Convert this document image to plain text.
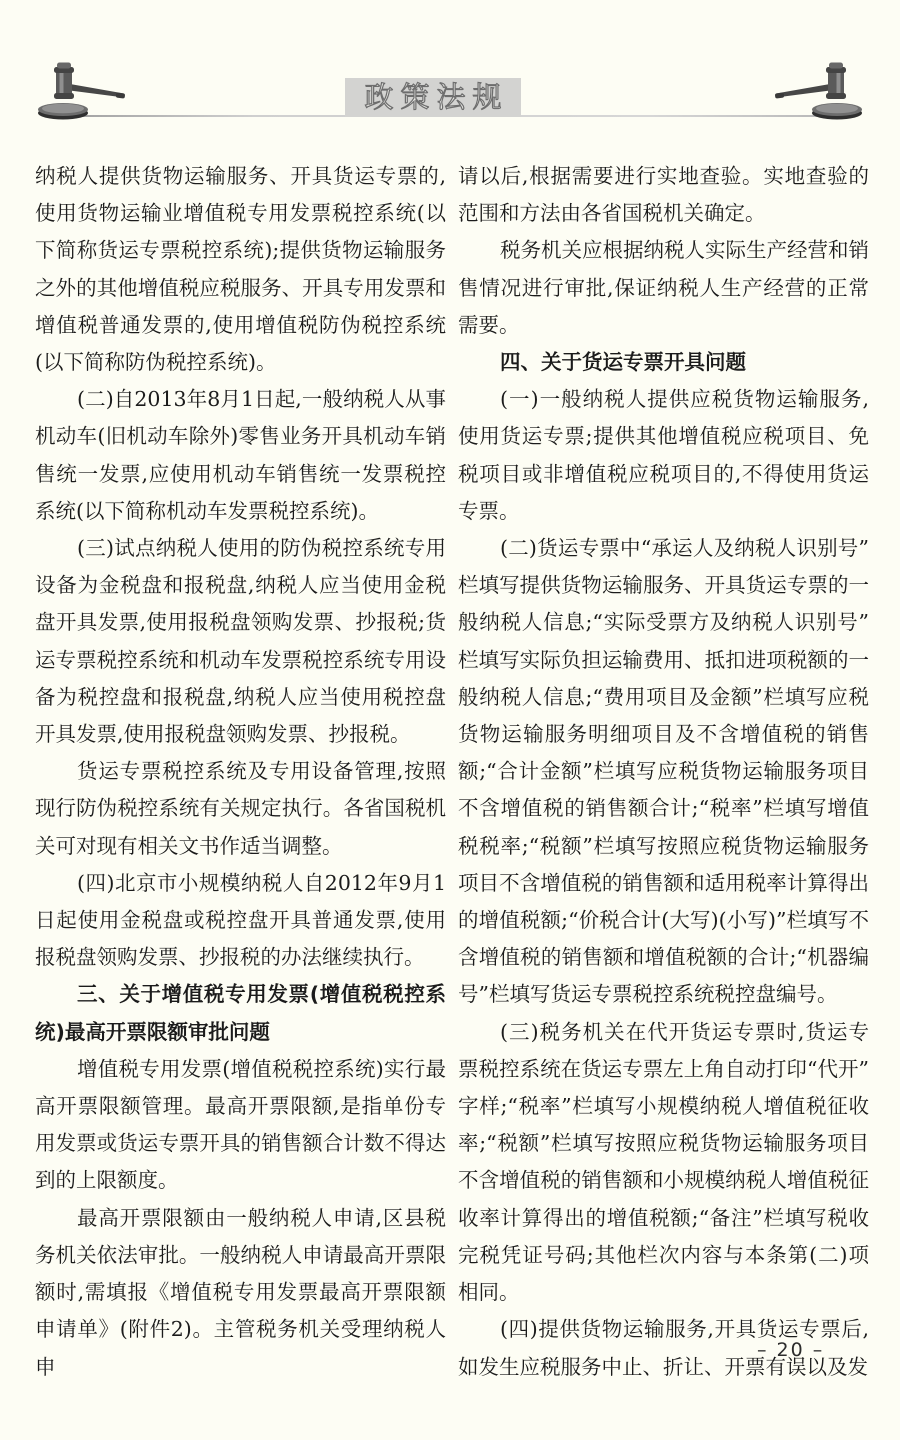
政策法规

纳税人提供货物运输服务、开具货运专票的,使用货物运输业增值税专用发票税控系统(以下简称货运专票税控系统);提供货物运输服务之外的其他增值税应税服务、开具专用发票和增值税普通发票的,使用增值税防伪税控系统(以下简称防伪税控系统)。

(二)自2013年8月1日起,一般纳税人从事机动车(旧机动车除外)零售业务开具机动车销售统一发票,应使用机动车销售统一发票税控系统(以下简称机动车发票税控系统)。

(三)试点纳税人使用的防伪税控系统专用设备为金税盘和报税盘,纳税人应当使用金税盘开具发票,使用报税盘领购发票、抄报税;货运专票税控系统和机动车发票税控系统专用设备为税控盘和报税盘,纳税人应当使用税控盘开具发票,使用报税盘领购发票、抄报税。

货运专票税控系统及专用设备管理,按照现行防伪税控系统有关规定执行。各省国税机关可对现有相关文书作适当调整。

(四)北京市小规模纳税人自2012年9月1日起使用金税盘或税控盘开具普通发票,使用报税盘领购发票、抄报税的办法继续执行。

三、关于增值税专用发票(增值税税控系统)最高开票限额审批问题

增值税专用发票(增值税税控系统)实行最高开票限额管理。最高开票限额,是指单份专用发票或货运专票开具的销售额合计数不得达到的上限额度。

最高开票限额由一般纳税人申请,区县税务机关依法审批。一般纳税人申请最高开票限额时,需填报《增值税专用发票最高开票限额申请单》(附件2)。主管税务机关受理纳税人申

请以后,根据需要进行实地查验。实地查验的范围和方法由各省国税机关确定。

税务机关应根据纳税人实际生产经营和销售情况进行审批,保证纳税人生产经营的正常需要。

四、关于货运专票开具问题

(一)一般纳税人提供应税货物运输服务,使用货运专票;提供其他增值税应税项目、免税项目或非增值税应税项目的,不得使用货运专票。

(二)货运专票中“承运人及纳税人识别号”栏填写提供货物运输服务、开具货运专票的一般纳税人信息;“实际受票方及纳税人识别号”栏填写实际负担运输费用、抵扣进项税额的一般纳税人信息;“费用项目及金额”栏填写应税货物运输服务明细项目及不含增值税的销售额;“合计金额”栏填写应税货物运输服务项目不含增值税的销售额合计;“税率”栏填写增值税税率;“税额”栏填写按照应税货物运输服务项目不含增值税的销售额和适用税率计算得出的增值税额;“价税合计(大写)(小写)”栏填写不含增值税的销售额和增值税额的合计;“机器编号”栏填写货运专票税控系统税控盘编号。

(三)税务机关在代开货运专票时,货运专票税控系统在货运专票左上角自动打印“代开”字样;“税率”栏填写小规模纳税人增值税征收率;“税额”栏填写按照应税货物运输服务项目不含增值税的销售额和小规模纳税人增值税征收率计算得出的增值税额;“备注”栏填写税收完税凭证号码;其他栏次内容与本条第(二)项相同。

(四)提供货物运输服务,开具货运专票后,如发生应税服务中止、折让、开票有误以及发

– 20 –
